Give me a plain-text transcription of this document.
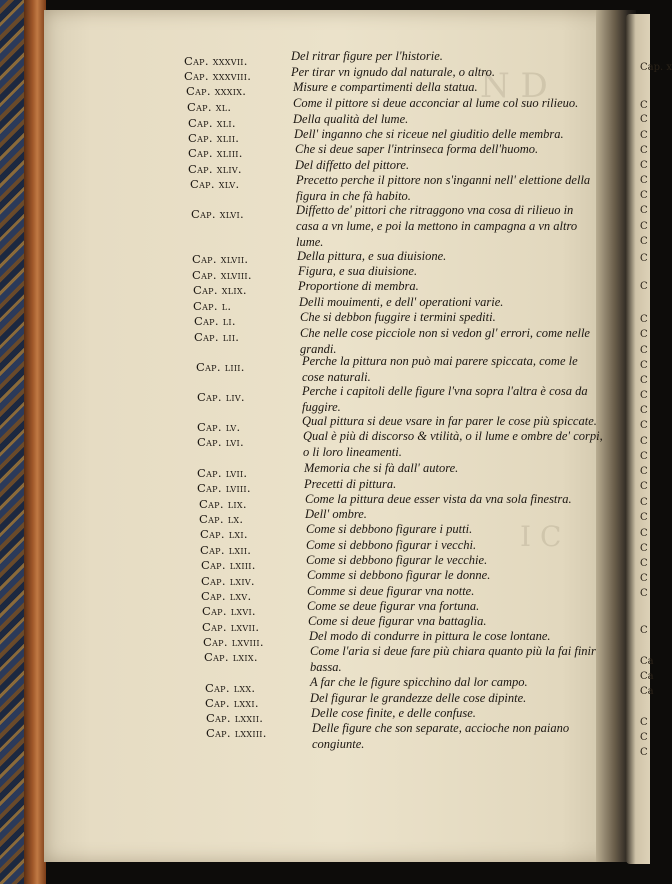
N D
I C
Cap. xxxvii.	Del ritrar figure per l'historie.
Cap. xxxviii.	Per tirar vn ignudo dal naturale, o altro.
Cap. xxxix.	Misure e compartimenti della statua.
Cap. xl.	Come il pittore si deue acconciar al lume col suo rilieuo.
Cap. xli.	Della qualità del lume.
Cap. xlii.	Dell' inganno che si riceue nel giuditio delle membra.
Cap. xliii.	Che si deue saper l'intrinseca forma dell'huomo.
Cap. xliv.	Del diffetto del pittore.
Cap. xlv.	Precetto perche il pittore non s'inganni nell' elettione della figura in che fà habito.
Cap. xlvi.	Diffetto de' pittori che ritraggono vna cosa di rilieuo in casa a vn lume, e poi la mettono in campagna a vn altro lume.
Cap. xlvii.	Della pittura, e sua diuisione.
Cap. xlviii.	Figura, e sua diuisione.
Cap. xlix.	Proportione di membra.
Cap. l.	Delli mouimenti, e dell' operationi varie.
Cap. li.	Che si debbon fuggire i termini spediti.
Cap. lii.	Che nelle cose picciole non si vedon gl' errori, come nelle grandi.
Cap. liii.	Perche la pittura non può mai parere spiccata, come le cose naturali.
Cap. liv.	Perche i capitoli delle figure l'vna sopra l'altra è cosa da fuggire.
Cap. lv.	Qual pittura si deue vsare in far parer le cose più spiccate.
Cap. lvi.	Qual è più di discorso & vtilità, o il lume e ombre de' corpi, o li loro lineamenti.
Cap. lvii.	Memoria che si fà dall' autore.
Cap. lviii.	Precetti di pittura.
Cap. lix.	Come la pittura deue esser vista da vna sola finestra.
Cap. lx.	Dell' ombre.
Cap. lxi.	Come si debbono figurare i putti.
Cap. lxii.	Come si debbono figurar i vecchi.
Cap. lxiii.	Come si debbono figurar le vecchie.
Cap. lxiv.	Comme si debbono figurar le donne.
Cap. lxv.	Comme si deue figurar vna notte.
Cap. lxvi.	Come se deue figurar vna fortuna.
Cap. lxvii.	Come si deue figurar vna battaglia.
Cap. lxviii.	Del modo di condurre in pittura le cose lontane.
Cap. lxix.	Come l'aria si deue fare più chiara quanto più la fai finir bassa.
Cap. lxx.	A far che le figure spicchino dal lor campo.
Cap. lxxi.	Del figurar le grandezze delle cose dipinte.
Cap. lxxii.	Delle cose finite, e delle confuse.
Cap. lxxiii.	Delle figure che son separate, accioche non paiano congiunte.
Cap. x
C
C
C
C
C
C
C
C
C
C
C
C
C
C
C
C
C
C
C
C
C
C
C
C
C
C
C
C
C
C
C
C
Ca
Ca
Ca
C
C
C
